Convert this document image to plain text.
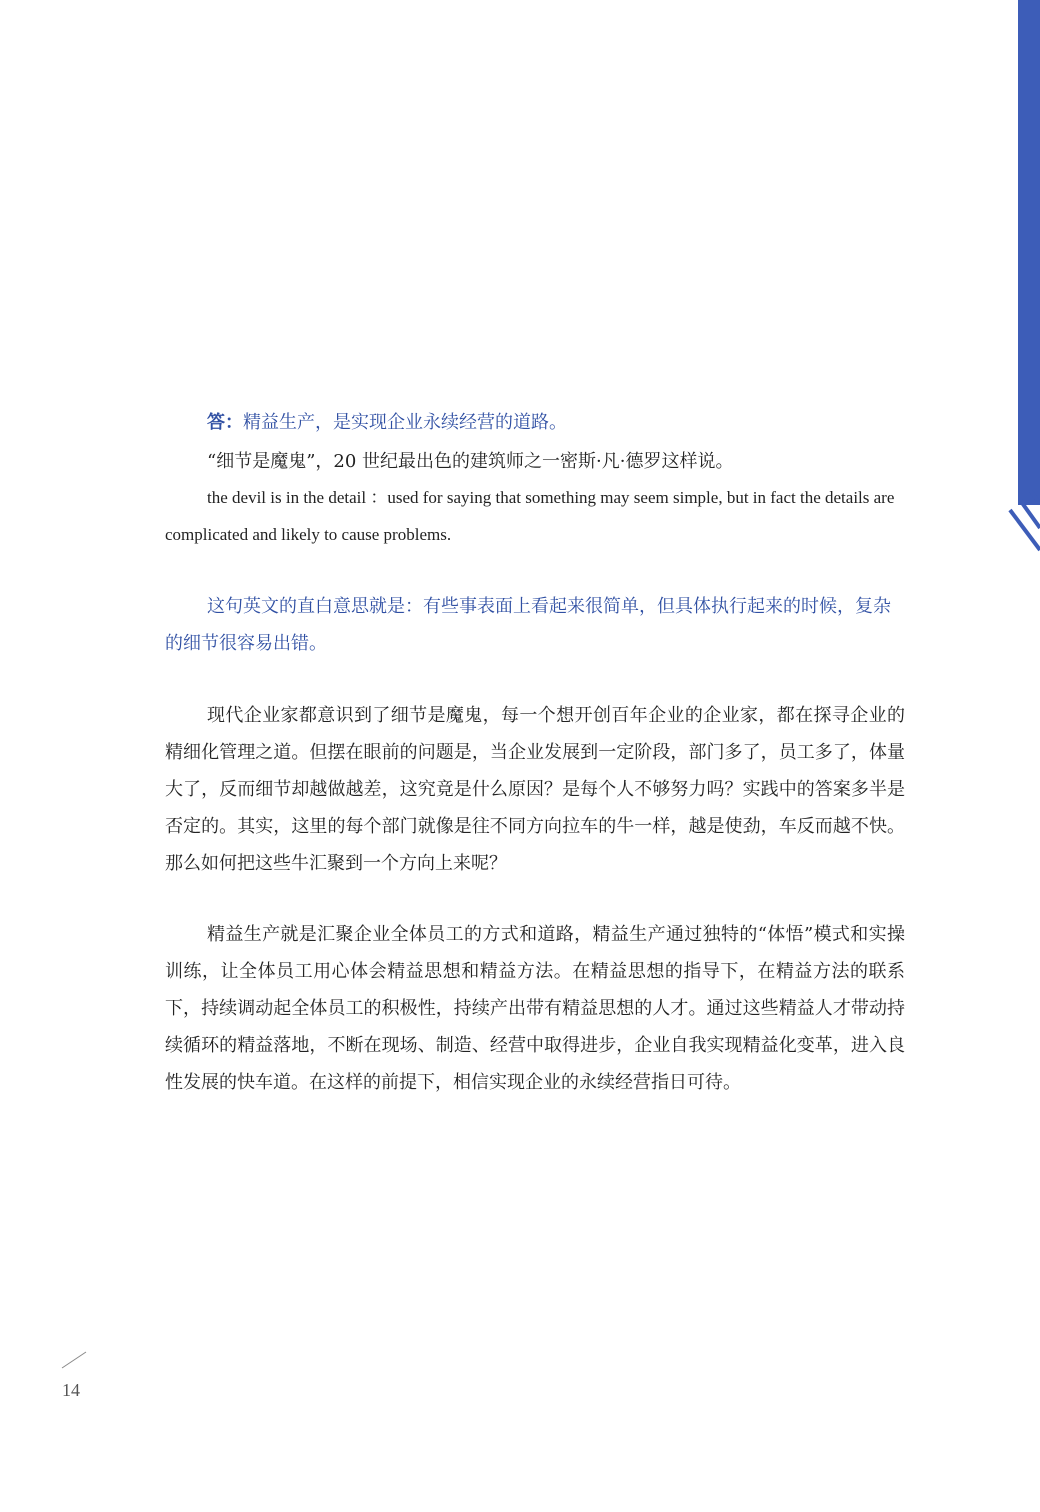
答：精益生产，是实现企业永续经营的道路。
“细节是魔鬼”，20 世纪最出色的建筑师之一密斯·凡·德罗这样说。
the devil is in the detail ：used for saying that something may seem simple, but in fact the details are complicated and likely to cause problems.
这句英文的直白意思就是：有些事表面上看起来很简单，但具体执行起来的时候，复杂的细节很容易出错。
现代企业家都意识到了细节是魔鬼，每一个想开创百年企业的企业家，都在探寻企业的精细化管理之道。但摆在眼前的问题是，当企业发展到一定阶段，部门多了，员工多了，体量大了，反而细节却越做越差，这究竟是什么原因？是每个人不够努力吗？实践中的答案多半是否定的。其实，这里的每个部门就像是往不同方向拉车的牛一样，越是使劲，车反而越不快。那么如何把这些牛汇聚到一个方向上来呢？
精益生产就是汇聚企业全体员工的方式和道路，精益生产通过独特的“体悟”模式和实操训练，让全体员工用心体会精益思想和精益方法。在精益思想的指导下，在精益方法的联系下，持续调动起全体员工的积极性，持续产出带有精益思想的人才。通过这些精益人才带动持续循环的精益落地，不断在现场、制造、经营中取得进步，企业自我实现精益化变革，进入良性发展的快车道。在这样的前提下，相信实现企业的永续经营指日可待。
14
